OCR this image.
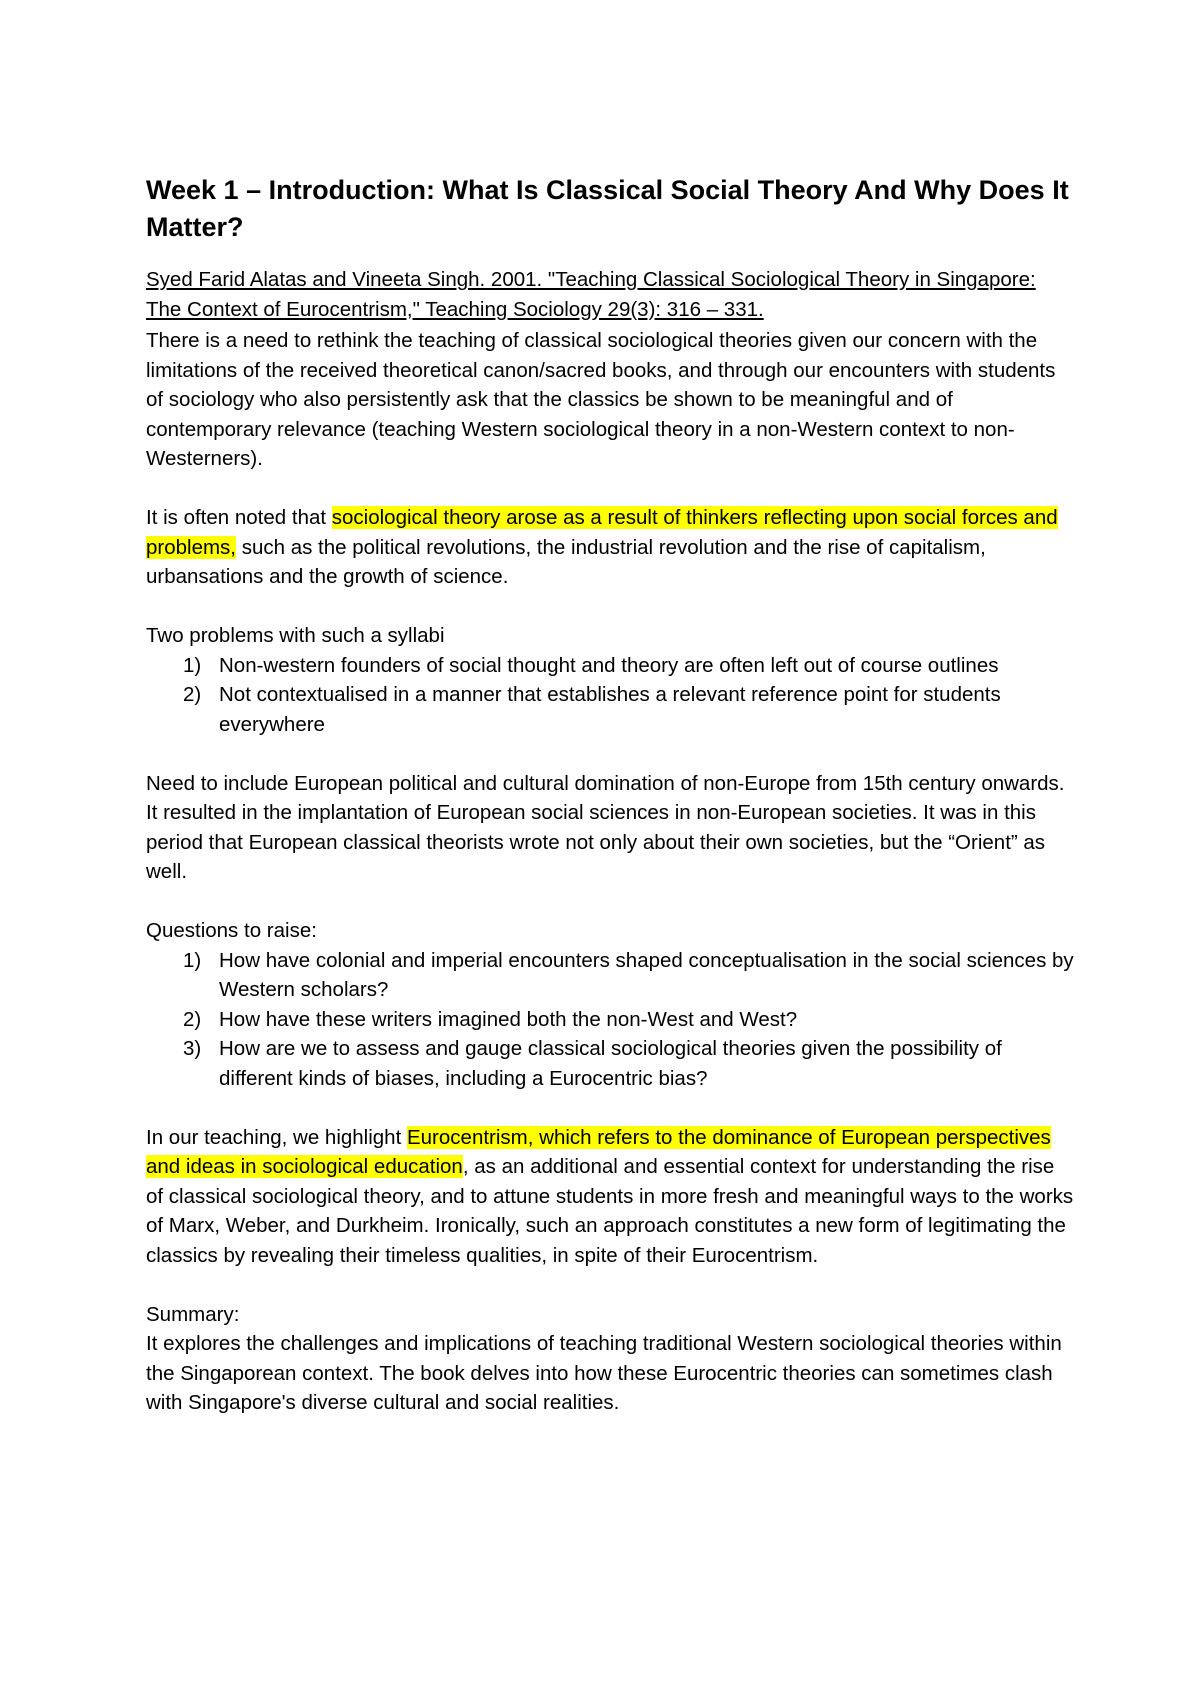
Week 1 – Introduction: What Is Classical Social Theory And Why Does It Matter?

Syed Farid Alatas and Vineeta Singh. 2001. "Teaching Classical Sociological Theory in Singapore: The Context of Eurocentrism," Teaching Sociology 29(3): 316 – 331.

There is a need to rethink the teaching of classical sociological theories given our concern with the limitations of the received theoretical canon/sacred books, and through our encounters with students of sociology who also persistently ask that the classics be shown to be meaningful and of contemporary relevance (teaching Western sociological theory in a non-Western context to non-Westerners).

It is often noted that sociological theory arose as a result of thinkers reflecting upon social forces and problems, such as the political revolutions, the industrial revolution and the rise of capitalism, urbansations and the growth of science.

Two problems with such a syllabi

1) Non-western founders of social thought and theory are often left out of course outlines
2) Not contextualised in a manner that establishes a relevant reference point for students everywhere

Need to include European political and cultural domination of non-Europe from 15th century onwards. It resulted in the implantation of European social sciences in non-European societies. It was in this period that European classical theorists wrote not only about their own societies, but the “Orient” as well.

Questions to raise:

1) How have colonial and imperial encounters shaped conceptualisation in the social sciences by Western scholars?
2) How have these writers imagined both the non-West and West?
3) How are we to assess and gauge classical sociological theories given the possibility of different kinds of biases, including a Eurocentric bias?

In our teaching, we highlight Eurocentrism, which refers to the dominance of European perspectives and ideas in sociological education, as an additional and essential context for understanding the rise of classical sociological theory, and to attune students in more fresh and meaningful ways to the works of Marx, Weber, and Durkheim. Ironically, such an approach constitutes a new form of legitimating the classics by revealing their timeless qualities, in spite of their Eurocentrism.

Summary:

It explores the challenges and implications of teaching traditional Western sociological theories within the Singaporean context. The book delves into how these Eurocentric theories can sometimes clash with Singapore's diverse cultural and social realities.
